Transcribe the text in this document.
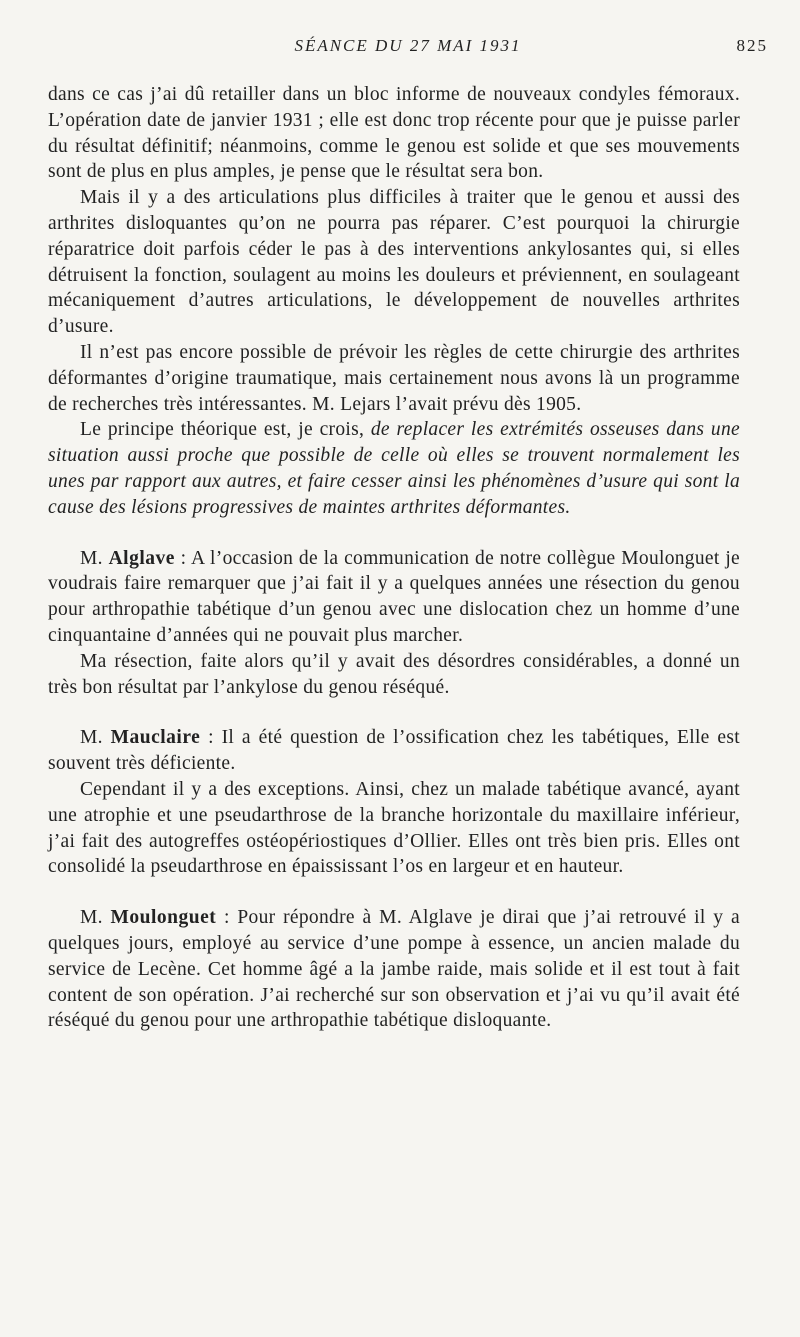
SÉANCE DU 27 MAI 1931	825

dans ce cas j’ai dû retailler dans un bloc informe de nouveaux condyles fémoraux. L’opération date de janvier 1931 ; elle est donc trop récente pour que je puisse parler du résultat définitif; néanmoins, comme le genou est solide et que ses mouvements sont de plus en plus amples, je pense que le résultat sera bon.

Mais il y a des articulations plus difficiles à traiter que le genou et aussi des arthrites disloquantes qu’on ne pourra pas réparer. C’est pourquoi la chirurgie réparatrice doit parfois céder le pas à des interventions ankylosantes qui, si elles détruisent la fonction, soulagent au moins les douleurs et préviennent, en soulageant mécaniquement d’autres articulations, le développement de nouvelles arthrites d’usure.

Il n’est pas encore possible de prévoir les règles de cette chirurgie des arthrites déformantes d’origine traumatique, mais certainement nous avons là un programme de recherches très intéressantes. M. Lejars l’avait prévu dès 1905.

Le principe théorique est, je crois, de replacer les extrémités osseuses dans une situation aussi proche que possible de celle où elles se trouvent normalement les unes par rapport aux autres, et faire cesser ainsi les phénomènes d’usure qui sont la cause des lésions progressives de maintes arthrites déformantes.

M. Alglave : A l’occasion de la communication de notre collègue Moulonguet je voudrais faire remarquer que j’ai fait il y a quelques années une résection du genou pour arthropathie tabétique d’un genou avec une dislocation chez un homme d’une cinquantaine d’années qui ne pouvait plus marcher.

Ma résection, faite alors qu’il y avait des désordres considérables, a donné un très bon résultat par l’ankylose du genou réséqué.

M. Mauclaire : Il a été question de l’ossification chez les tabétiques, Elle est souvent très déficiente.

Cependant il y a des exceptions. Ainsi, chez un malade tabétique avancé, ayant une atrophie et une pseudarthrose de la branche horizontale du maxillaire inférieur, j’ai fait des autogreffes ostéopériostiques d’Ollier. Elles ont très bien pris. Elles ont consolidé la pseudarthrose en épaississant l’os en largeur et en hauteur.

M. Moulonguet : Pour répondre à M. Alglave je dirai que j’ai retrouvé il y a quelques jours, employé au service d’une pompe à essence, un ancien malade du service de Lecène. Cet homme âgé a la jambe raide, mais solide et il est tout à fait content de son opération. J’ai recherché sur son observation et j’ai vu qu’il avait été réséqué du genou pour une arthropathie tabétique disloquante.
